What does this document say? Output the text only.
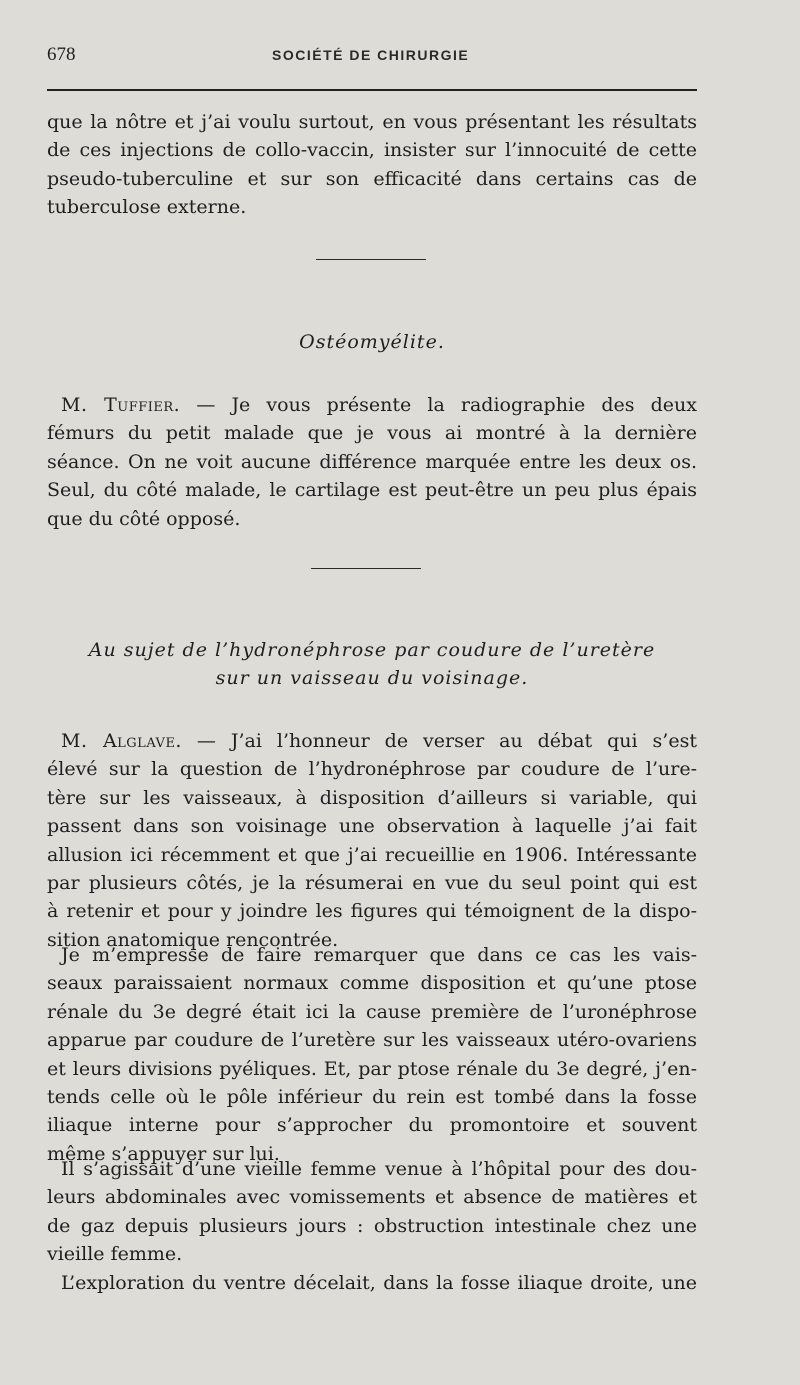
678	SOCIÉTÉ DE CHIRURGIE
que la nôtre et j’ai voulu surtout, en vous présentant les résultats
de ces injections de collo-vaccin, insister sur l’innocuité de cette
pseudo-tuberculine et sur son efficacité dans certains cas de
tuberculose externe.
Ostéomyélite.
M. Tuffier. — Je vous présente la radiographie des deux
fémurs du petit malade que je vous ai montré à la dernière
séance. On ne voit aucune différence marquée entre les deux os.
Seul, du côté malade, le cartilage est peut-être un peu plus épais
que du côté opposé.
Au sujet de l’hydronéphrose par coudure de l’uretère
sur un vaisseau du voisinage.
M. Alglave. — J’ai l’honneur de verser au débat qui s’est
élevé sur la question de l’hydronéphrose par coudure de l’ure-
tère sur les vaisseaux, à disposition d’ailleurs si variable, qui
passent dans son voisinage une observation à laquelle j’ai fait
allusion ici récemment et que j’ai recueillie en 1906. Intéressante
par plusieurs côtés, je la résumerai en vue du seul point qui est
à retenir et pour y joindre les figures qui témoignent de la dispo-
sition anatomique rencontrée.
Je m’empresse de faire remarquer que dans ce cas les vais-
seaux paraissaient normaux comme disposition et qu’une ptose
rénale du 3e degré était ici la cause première de l’uronéphrose
apparue par coudure de l’uretère sur les vaisseaux utéro-ovariens
et leurs divisions pyéliques. Et, par ptose rénale du 3e degré, j’en-
tends celle où le pôle inférieur du rein est tombé dans la fosse
iliaque interne pour s’approcher du promontoire et souvent
même s’appuyer sur lui.
Il s’agissait d’une vieille femme venue à l’hôpital pour des dou-
leurs abdominales avec vomissements et absence de matières et
de gaz depuis plusieurs jours : obstruction intestinale chez une
vieille femme.
L’exploration du ventre décelait, dans la fosse iliaque droite, une
